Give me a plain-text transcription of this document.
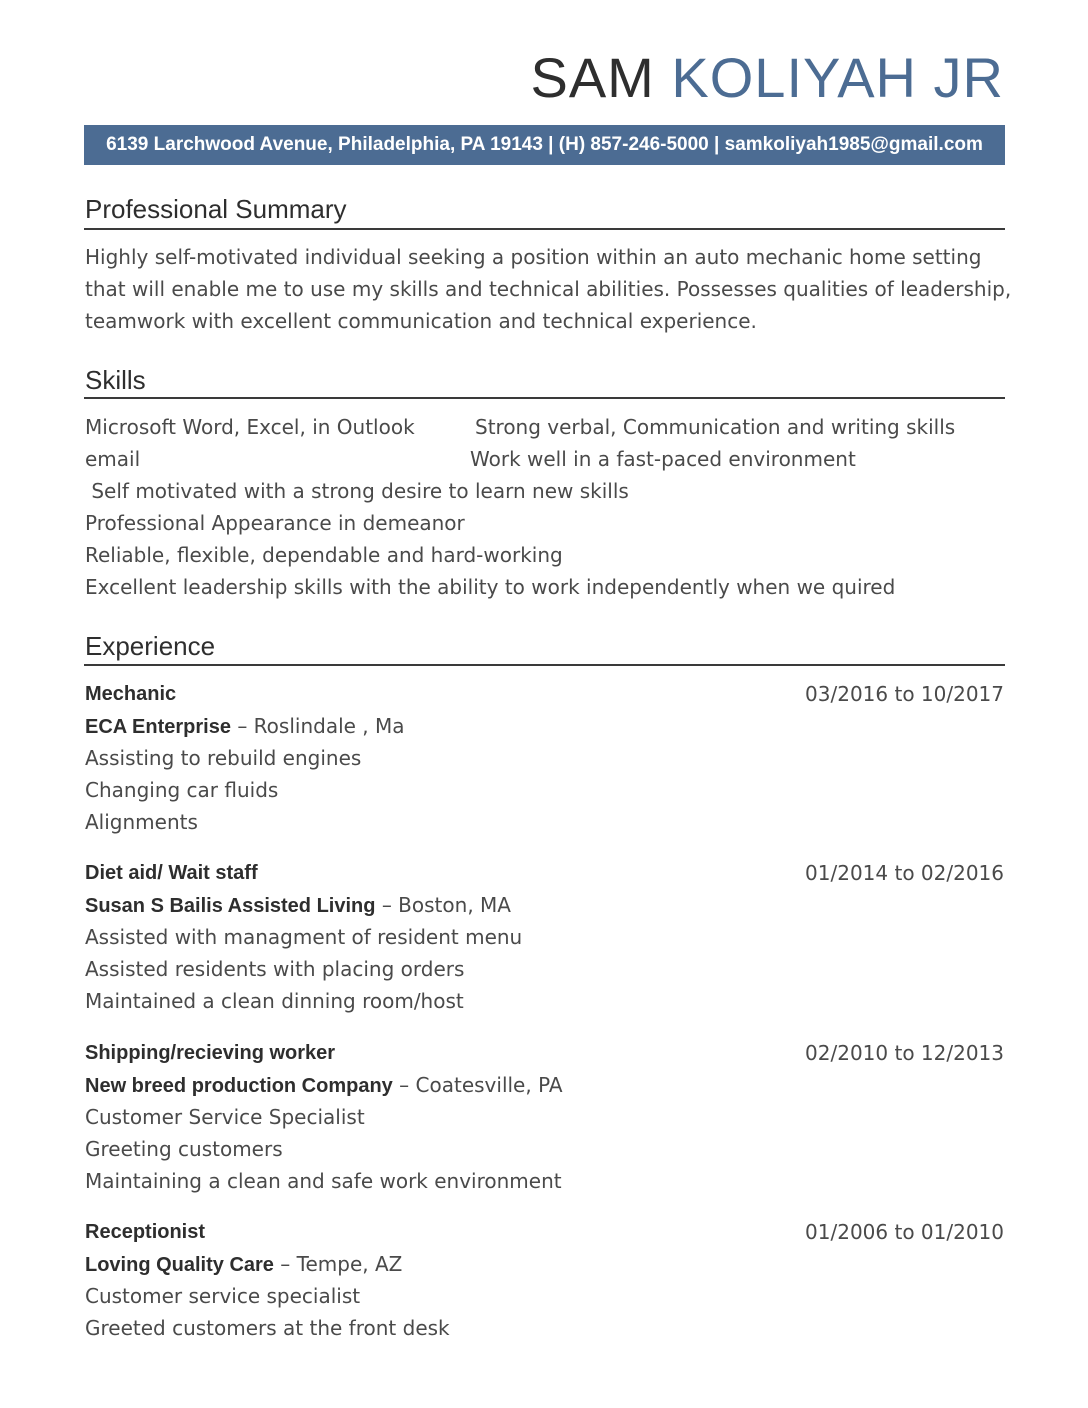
SAM KOLIYAH JR
6139 Larchwood Avenue, Philadelphia, PA 19143 | (H) 857-246-5000 | samkoliyah1985@gmail.com
Professional Summary
Highly self-motivated individual seeking a position within an auto mechanic home setting
that will enable me to use my skills and technical abilities. Possesses qualities of leadership,
teamwork with excellent communication and technical experience.
Skills
Microsoft Word, Excel, in Outlook	Strong verbal, Communication and writing skills
email	Work well in a fast-paced environment
Self motivated with a strong desire to learn new skills
Professional Appearance in demeanor
Reliable, flexible, dependable and hard-working
Excellent leadership skills with the ability to work independently when we quired
Experience
Mechanic	03/2016 to 10/2017
ECA Enterprise – Roslindale , Ma
Assisting to rebuild engines
Changing car fluids
Alignments
Diet aid/ Wait staff	01/2014 to 02/2016
Susan S Bailis Assisted Living – Boston, MA
Assisted with managment of resident menu
Assisted residents with placing orders
Maintained a clean dinning room/host
Shipping/recieving worker	02/2010 to 12/2013
New breed production Company – Coatesville, PA
Customer Service Specialist
Greeting customers
Maintaining a clean and safe work environment
Receptionist	01/2006 to 01/2010
Loving Quality Care – Tempe, AZ
Customer service specialist
Greeted customers at the front desk
